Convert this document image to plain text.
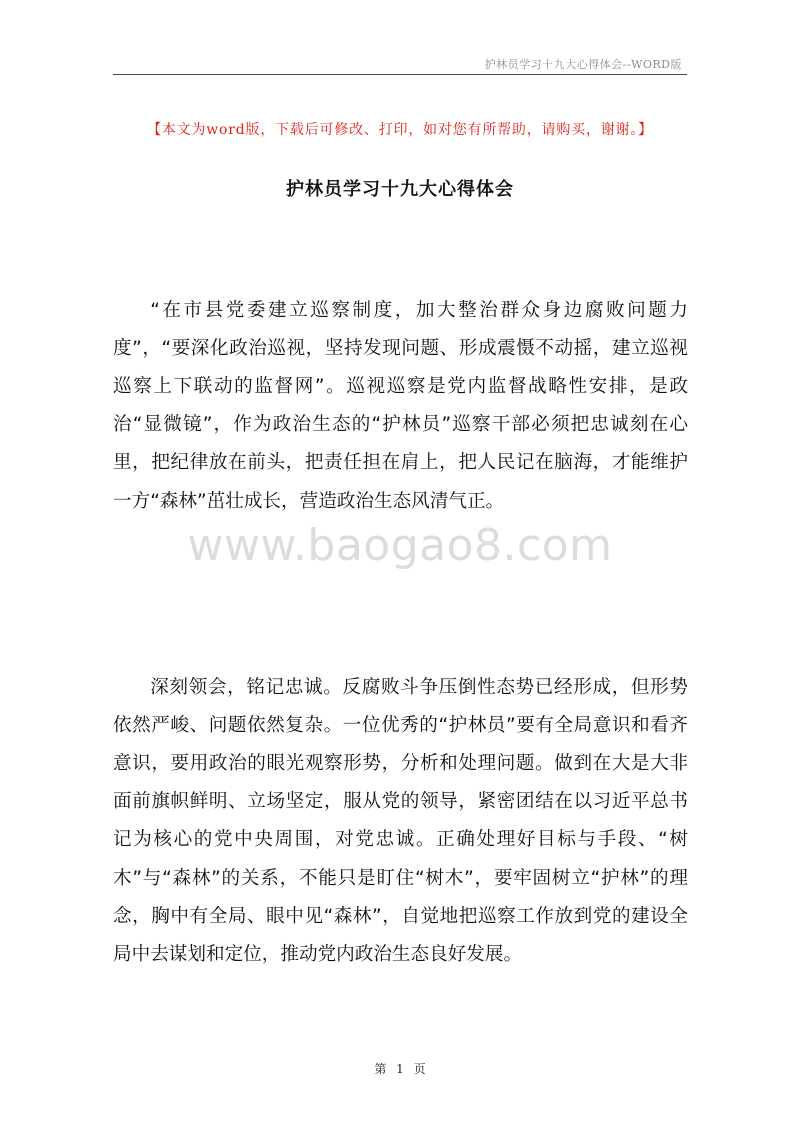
护林员学习十九大心得体会--WORD版
【本文为word版，下载后可修改、打印，如对您有所帮助，请购买，谢谢。】
护林员学习十九大心得体会

“在市县党委建立巡察制度，加大整治群众身边腐败问题力度”，“要深化政治巡视，坚持发现问题、形成震慑不动摇，建立巡视巡察上下联动的监督网”。巡视巡察是党内监督战略性安排，是政治“显微镜”，作为政治生态的“护林员”巡察干部必须把忠诚刻在心里，把纪律放在前头，把责任担在肩上，把人民记在脑海，才能维护一方“森林”茁壮成长，营造政治生态风清气正。

www.baogao8.com

深刻领会，铭记忠诚。反腐败斗争压倒性态势已经形成，但形势依然严峻、问题依然复杂。一位优秀的“护林员”要有全局意识和看齐意识，要用政治的眼光观察形势，分析和处理问题。做到在大是大非面前旗帜鲜明、立场坚定，服从党的领导，紧密团结在以习近平总书记为核心的党中央周围，对党忠诚。正确处理好目标与手段、“树木”与“森林”的关系，不能只是盯住“树木”，要牢固树立“护林”的理念，胸中有全局、眼中见“森林”，自觉地把巡察工作放到党的建设全局中去谋划和定位，推动党内政治生态良好发展。

第 1 页
